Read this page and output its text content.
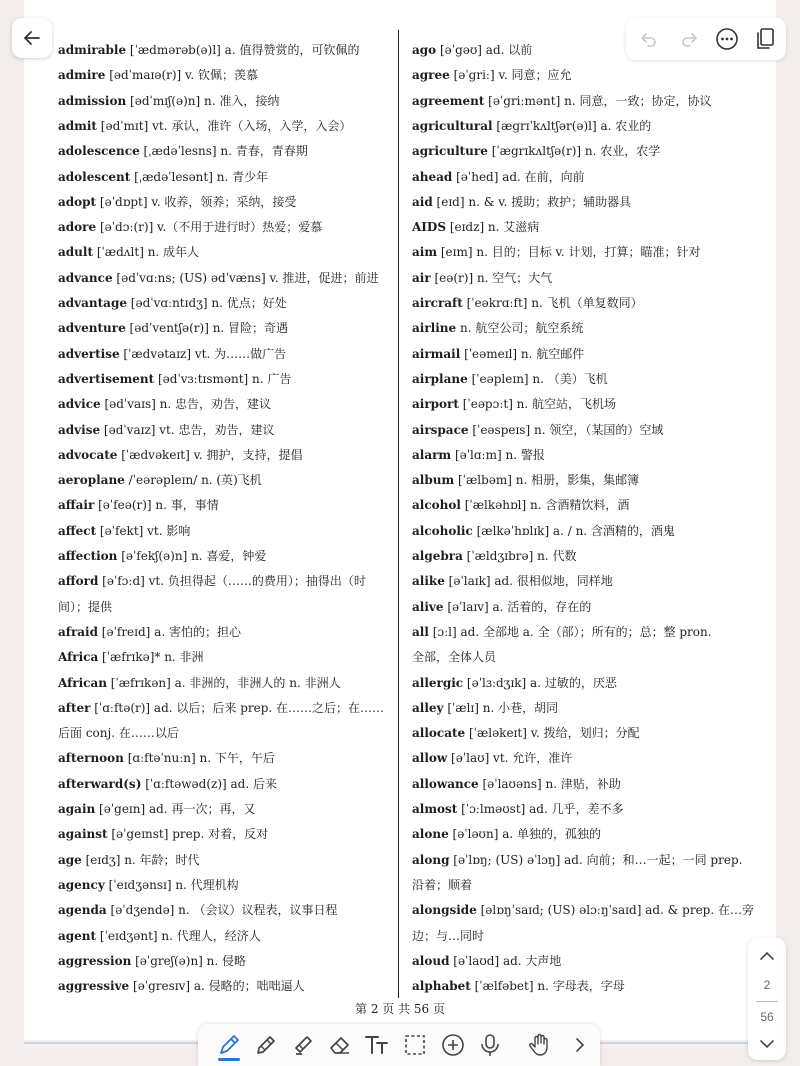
admirable [ˈædmərəb(ə)l] a. 值得赞赏的，可钦佩的
admire [ədˈmaɪə(r)] v. 钦佩；羡慕
admission [ədˈmɪʃ(ə)n] n. 准入，接纳
admit [ədˈmɪt] vt. 承认，准许（入场，入学，入会）
adolescence [ˌædəˈlesns] n. 青春，青春期
adolescent [ˌædəˈlesənt] n. 青少年
adopt [əˈdɒpt] v. 收养，领养；采纳，接受
adore [əˈdɔː(r)] v.（不用于进行时）热爱；爱慕
adult [ˈædʌlt] n. 成年人
advance [ədˈvɑːns; (US) ədˈvæns] v. 推进，促进；前进
advantage [ədˈvɑːntɪdʒ] n. 优点；好处
adventure [ədˈventʃə(r)] n. 冒险；奇遇
advertise [ˈædvətaɪz] vt. 为……做广告
advertisement [ədˈvɜːtɪsmənt] n. 广告
advice [ədˈvaɪs] n. 忠告，劝告，建议
advise [ədˈvaɪz] vt. 忠告，劝告，建议
advocate [ˈædvəkeɪt] v. 拥护，支持，提倡
aeroplane /ˈeərəpleɪn/ n. (英)飞机
affair [əˈfeə(r)] n. 事，事情
affect [əˈfekt] vt. 影响
affection [əˈfekʃ(ə)n] n. 喜爱，钟爱
afford [əˈfɔːd] vt. 负担得起（……的费用）；抽得出（时
间）；提供
afraid [əˈfreɪd] a. 害怕的；担心
Africa [ˈæfrɪkə]* n. 非洲
African [ˈæfrɪkən] a. 非洲的，非洲人的 n. 非洲人
after [ˈɑːftə(r)] ad. 以后；后来 prep. 在……之后；在……
后面 conj. 在……以后
afternoon [ɑːftəˈnuːn] n. 下午，午后
afterward(s) [ˈɑːftəwəd(z)] ad. 后来
again [əˈgeɪn] ad. 再一次；再，又
against [əˈgeɪnst] prep. 对着，反对
age [eɪdʒ] n. 年龄；时代
agency [ˈeɪdʒənsɪ] n. 代理机构
agenda [əˈdʒendə] n. （会议）议程表，议事日程
agent [ˈeɪdʒənt] n. 代理人，经济人
aggression [əˈgreʃ(ə)n] n. 侵略
aggressive [əˈgresɪv] a. 侵略的；咄咄逼人
ago [əˈgəʊ] ad. 以前
agree [əˈgriː] v. 同意；应允
agreement [əˈgriːmənt] n. 同意，一致；协定，协议
agricultural [ægrɪˈkʌltʃər(ə)l] a. 农业的
agriculture [ˈægrɪkʌltʃə(r)] n. 农业，农学
ahead [əˈhed] ad. 在前，向前
aid [eɪd] n. & v. 援助；救护；辅助器具
AIDS [eɪdz] n. 艾滋病
aim [eɪm] n. 目的；目标 v. 计划，打算；瞄准；针对
air [eə(r)] n. 空气；大气
aircraft [ˈeəkrɑːft] n. 飞机（单复数同）
airline n. 航空公司；航空系统
airmail [ˈeəmeɪl] n. 航空邮件
airplane [ˈeəpleɪn] n. （美）飞机
airport [ˈeəpɔːt] n. 航空站，飞机场
airspace [ˈeəspeɪs] n. 领空，（某国的）空域
alarm [əˈlɑːm] n. 警报
album [ˈælbəm] n. 相册，影集，集邮簿
alcohol [ˈælkəhɒl] n. 含酒精饮料，酒
alcoholic [ælkəˈhɒlɪk] a. / n. 含酒精的，酒鬼
algebra [ˈældʒɪbrə] n. 代数
alike [əˈlaɪk] ad. 很相似地，同样地
alive [əˈlaɪv] a. 活着的，存在的
all [ɔːl] ad. 全部地 a. 全（部）；所有的；总；整 pron.
全部，全体人员
allergic [əˈlɜːdʒɪk] a. 过敏的，厌恶
alley [ˈælɪ] n. 小巷，胡同
allocate [ˈæləkeɪt] v. 拨给，划归；分配
allow [əˈlaʊ] vt. 允许，准许
allowance [əˈlaʊəns] n. 津贴，补助
almost [ˈɔːlməʊst] ad. 几乎，差不多
alone [əˈləʊn] a. 单独的，孤独的
along [əˈlɒŋ; (US) əˈlɔŋ] ad. 向前；和…一起；一同 prep.
沿着；顺着
alongside [əlɒŋˈsaɪd; (US) əlɔːŋˈsaɪd] ad. & prep. 在…旁
边；与…同时
aloud [əˈlaʊd] ad. 大声地
alphabet [ˈælfəbet] n. 字母表，字母
第 2 页 共 56 页
2
56
